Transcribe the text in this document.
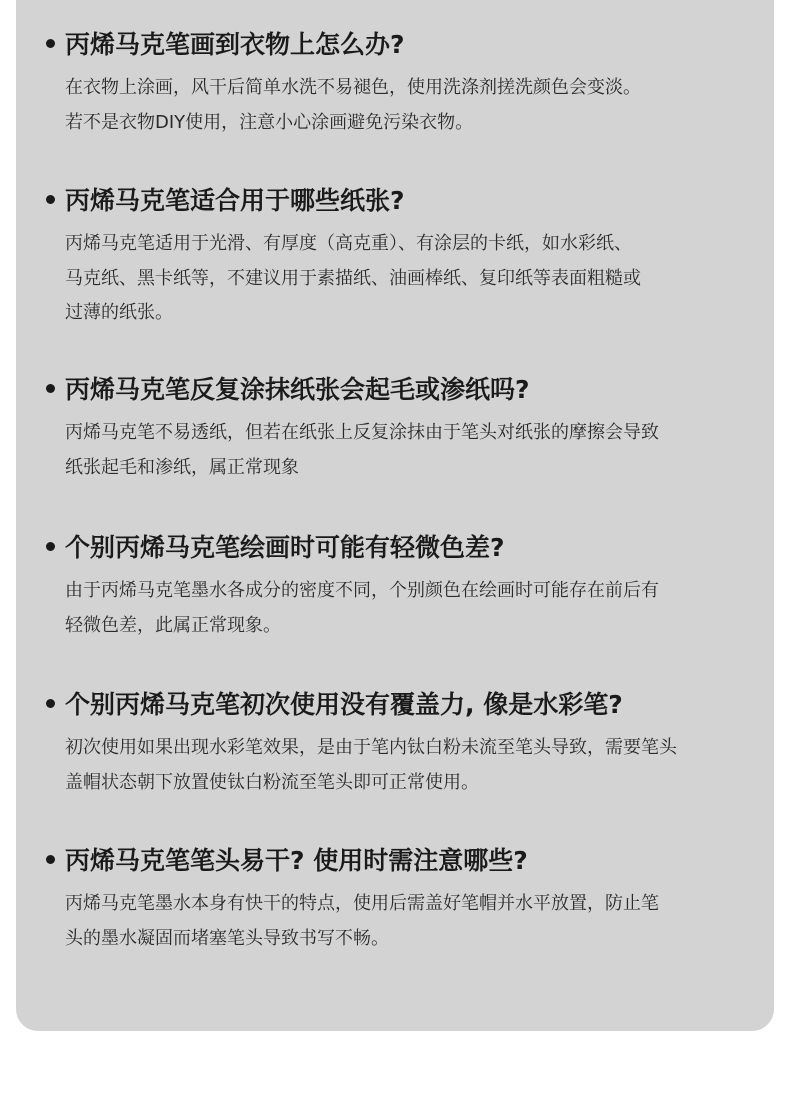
丙烯马克笔画到衣物上怎么办?
在衣物上涂画，风干后简单水洗不易褪色，使用洗涤剂搓洗颜色会变淡。
若不是衣物DIY使用，注意小心涂画避免污染衣物。
丙烯马克笔适合用于哪些纸张?
丙烯马克笔适用于光滑、有厚度（高克重）、有涂层的卡纸，如水彩纸、
马克纸、黑卡纸等，不建议用于素描纸、油画棒纸、复印纸等表面粗糙或
过薄的纸张。
丙烯马克笔反复涂抹纸张会起毛或渗纸吗?
丙烯马克笔不易透纸，但若在纸张上反复涂抹由于笔头对纸张的摩擦会导致
纸张起毛和渗纸，属正常现象
个别丙烯马克笔绘画时可能有轻微色差?
由于丙烯马克笔墨水各成分的密度不同，个别颜色在绘画时可能存在前后有
轻微色差，此属正常现象。
个别丙烯马克笔初次使用没有覆盖力, 像是水彩笔?
初次使用如果出现水彩笔效果，是由于笔内钛白粉未流至笔头导致，需要笔头
盖帽状态朝下放置使钛白粉流至笔头即可正常使用。
丙烯马克笔笔头易干? 使用时需注意哪些?
丙烯马克笔墨水本身有快干的特点，使用后需盖好笔帽并水平放置，防止笔
头的墨水凝固而堵塞笔头导致书写不畅。
